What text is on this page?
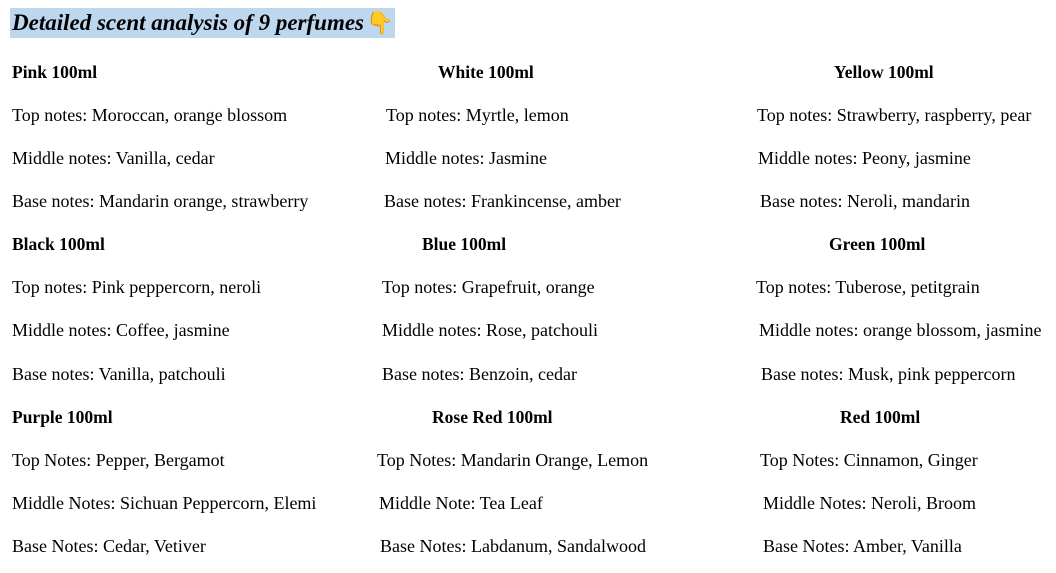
Detailed scent analysis of 9 perfumes 👇
Pink 100ml
Top notes: Moroccan, orange blossom
Middle notes: Vanilla, cedar
Base notes: Mandarin orange, strawberry
White 100ml
Top notes: Myrtle, lemon
Middle notes: Jasmine
Base notes: Frankincense, amber
Yellow 100ml
Top notes: Strawberry, raspberry, pear
Middle notes: Peony, jasmine
Base notes: Neroli, mandarin
Black 100ml
Top notes: Pink peppercorn, neroli
Middle notes: Coffee, jasmine
Base notes: Vanilla, patchouli
Blue 100ml
Top notes: Grapefruit, orange
Middle notes: Rose, patchouli
Base notes: Benzoin, cedar
Green 100ml
Top notes: Tuberose, petitgrain
Middle notes: orange blossom, jasmine
Base notes: Musk, pink peppercorn
Purple 100ml
Top Notes: Pepper, Bergamot
Middle Notes: Sichuan Peppercorn, Elemi
Base Notes: Cedar, Vetiver
Rose Red 100ml
Top Notes: Mandarin Orange, Lemon
Middle Note: Tea Leaf
Base Notes: Labdanum, Sandalwood
Red 100ml
Top Notes: Cinnamon, Ginger
Middle Notes: Neroli, Broom
Base Notes: Amber, Vanilla
